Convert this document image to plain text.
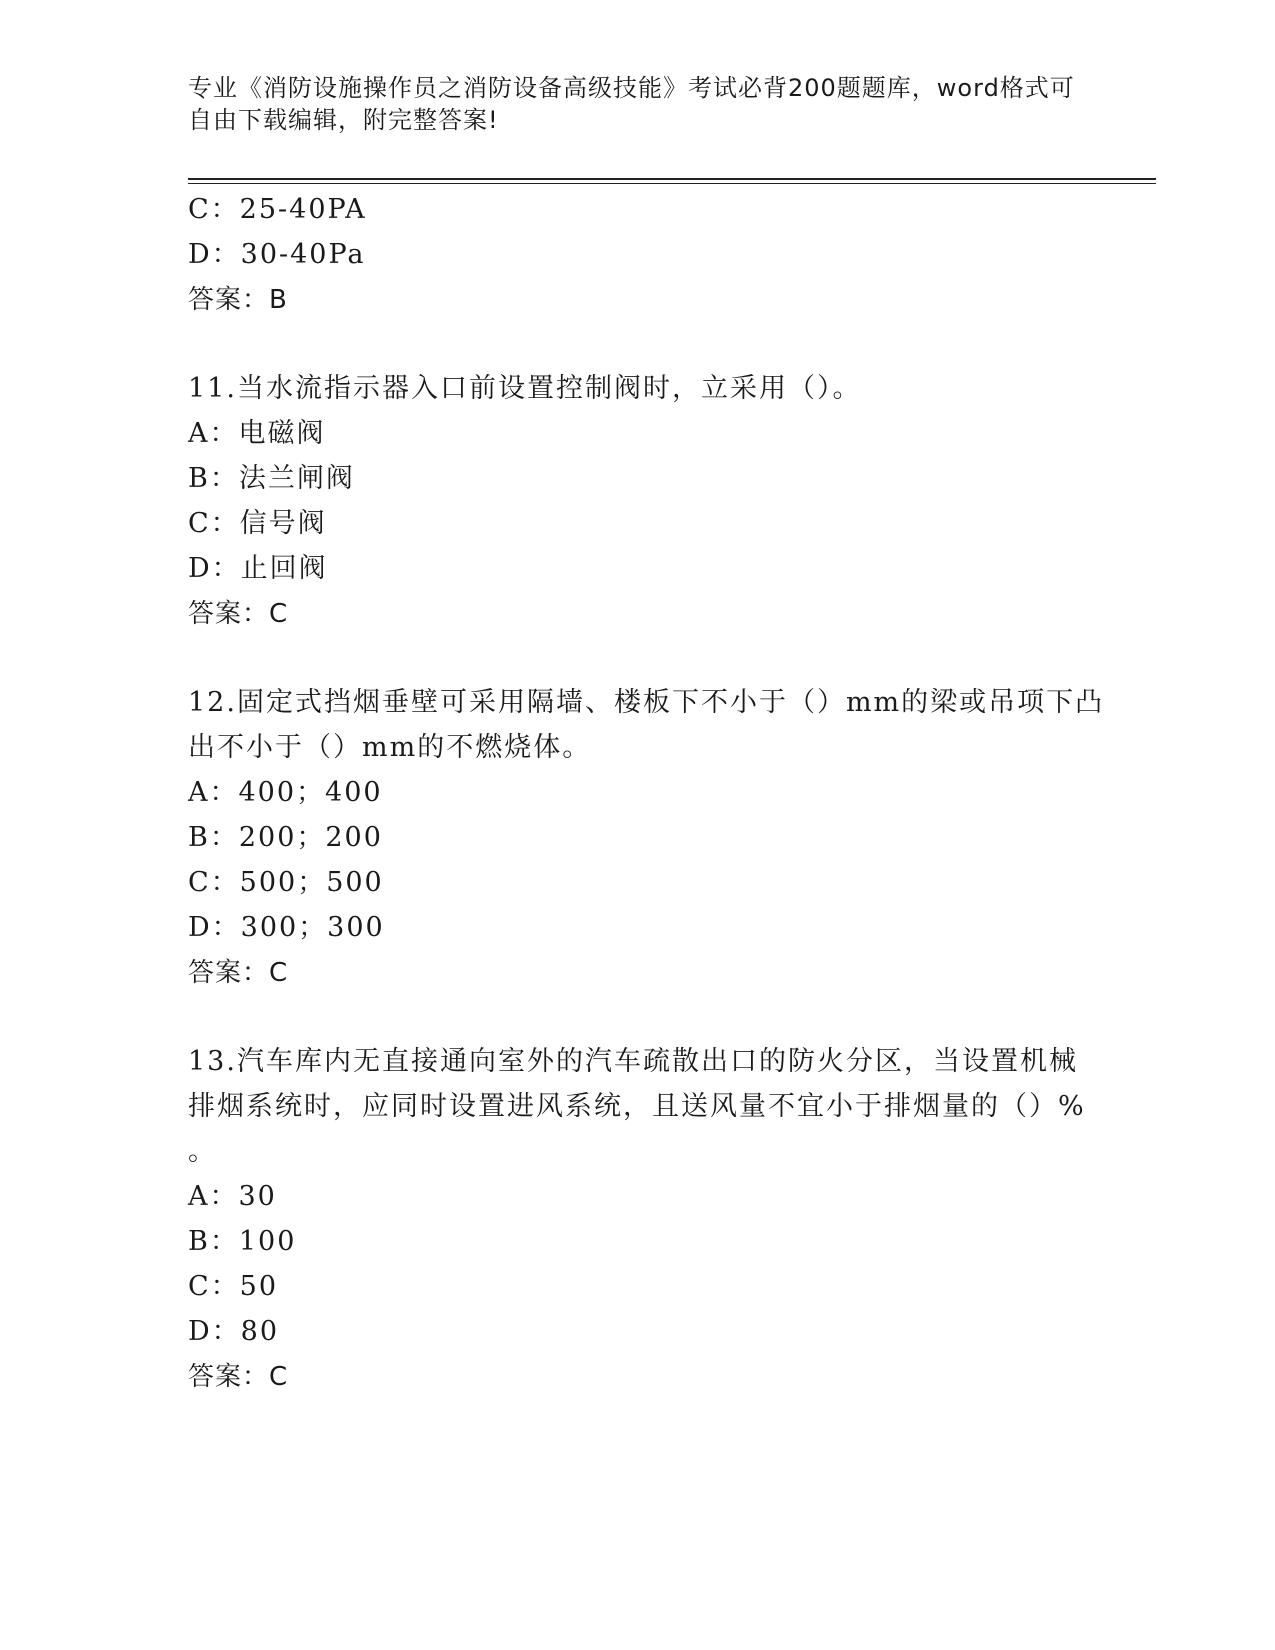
专业《消防设施操作员之消防设备高级技能》考试必背200题题库，word格式可

自由下载编辑，附完整答案!

C：25-40PA
D：30-40Pa
答案：B
11.当水流指示器入口前设置控制阀时，立采用（）。
A：电磁阀
B：法兰闸阀
C：信号阀
D：止回阀
答案：C
12.固定式挡烟垂壁可采用隔墙、楼板下不小于（）mm的梁或吊项下凸
出不小于（）mm的不燃烧体。
A：400；400
B：200；200
C：500；500
D：300；300
答案：C
13.汽车库内无直接通向室外的汽车疏散出口的防火分区，当设置机械
排烟系统时，应同时设置进风系统，且送风量不宜小于排烟量的（）%
。
A：30
B：100
C：50
D：80
答案：C
